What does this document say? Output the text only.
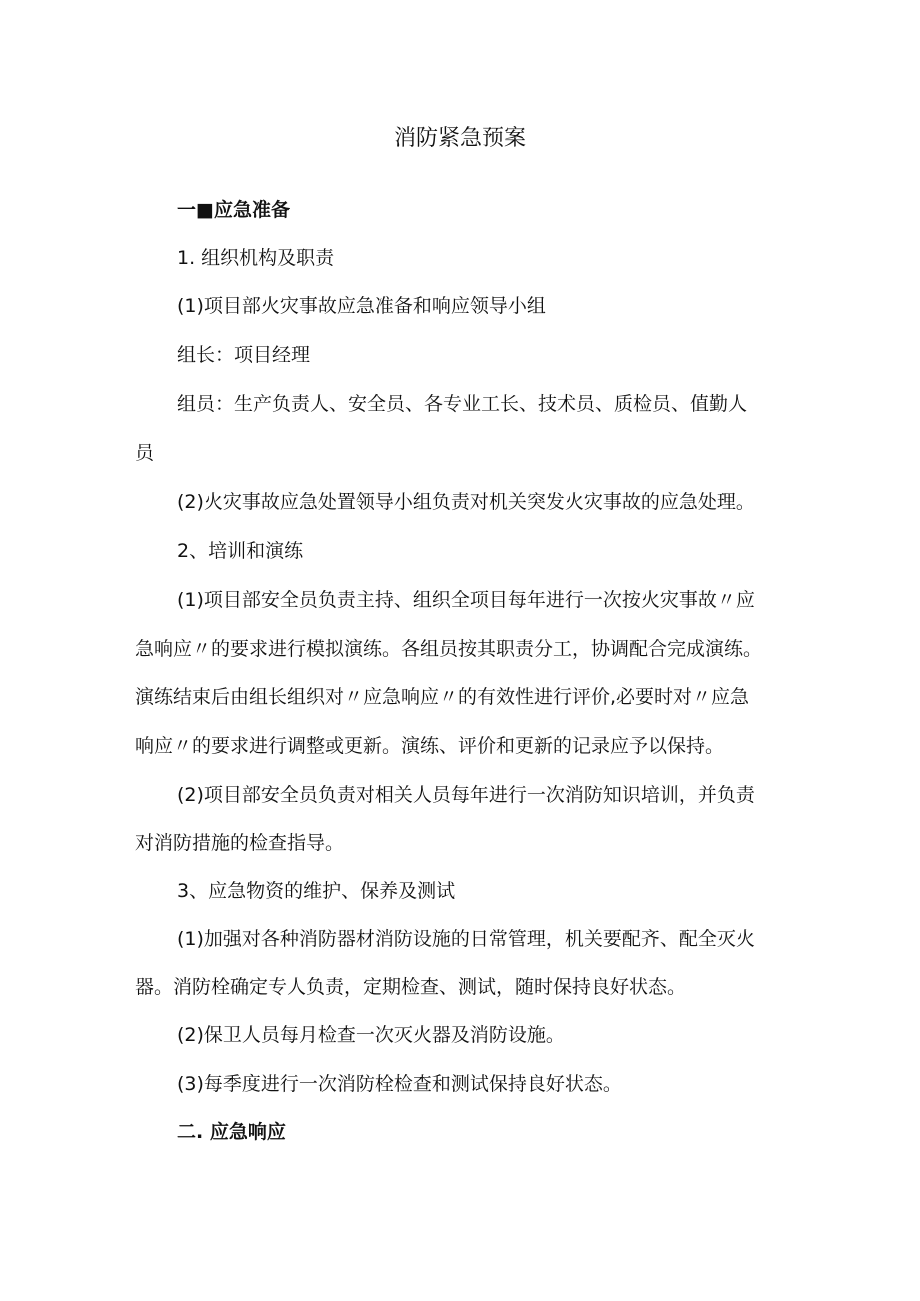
消防紧急预案

一■应急准备

1. 组织机构及职责

(1)项目部火灾事故应急准备和响应领导小组

组长：项目经理

组员：生产负责人、安全员、各专业工长、技术员、质检员、值勤人

员

(2)火灾事故应急处置领导小组负责对机关突发火灾事故的应急处理。

2、培训和演练

(1)项目部安全员负责主持、组织全项目每年进行一次按火灾事故〃应

急响应〃的要求进行模拟演练。各组员按其职责分工，协调配合完成演练。

演练结束后由组长组织对〃应急响应〃的有效性进行评价,必要时对〃应急

响应〃的要求进行调整或更新。演练、评价和更新的记录应予以保持。

(2)项目部安全员负责对相关人员每年进行一次消防知识培训，并负责

对消防措施的检查指导。

3、应急物资的维护、保养及测试

(1)加强对各种消防器材消防设施的日常管理，机关要配齐、配全灭火

器。消防栓确定专人负责，定期检查、测试，随时保持良好状态。

(2)保卫人员每月检查一次灭火器及消防设施。

(3)每季度进行一次消防栓检查和测试保持良好状态。

二. 应急响应
